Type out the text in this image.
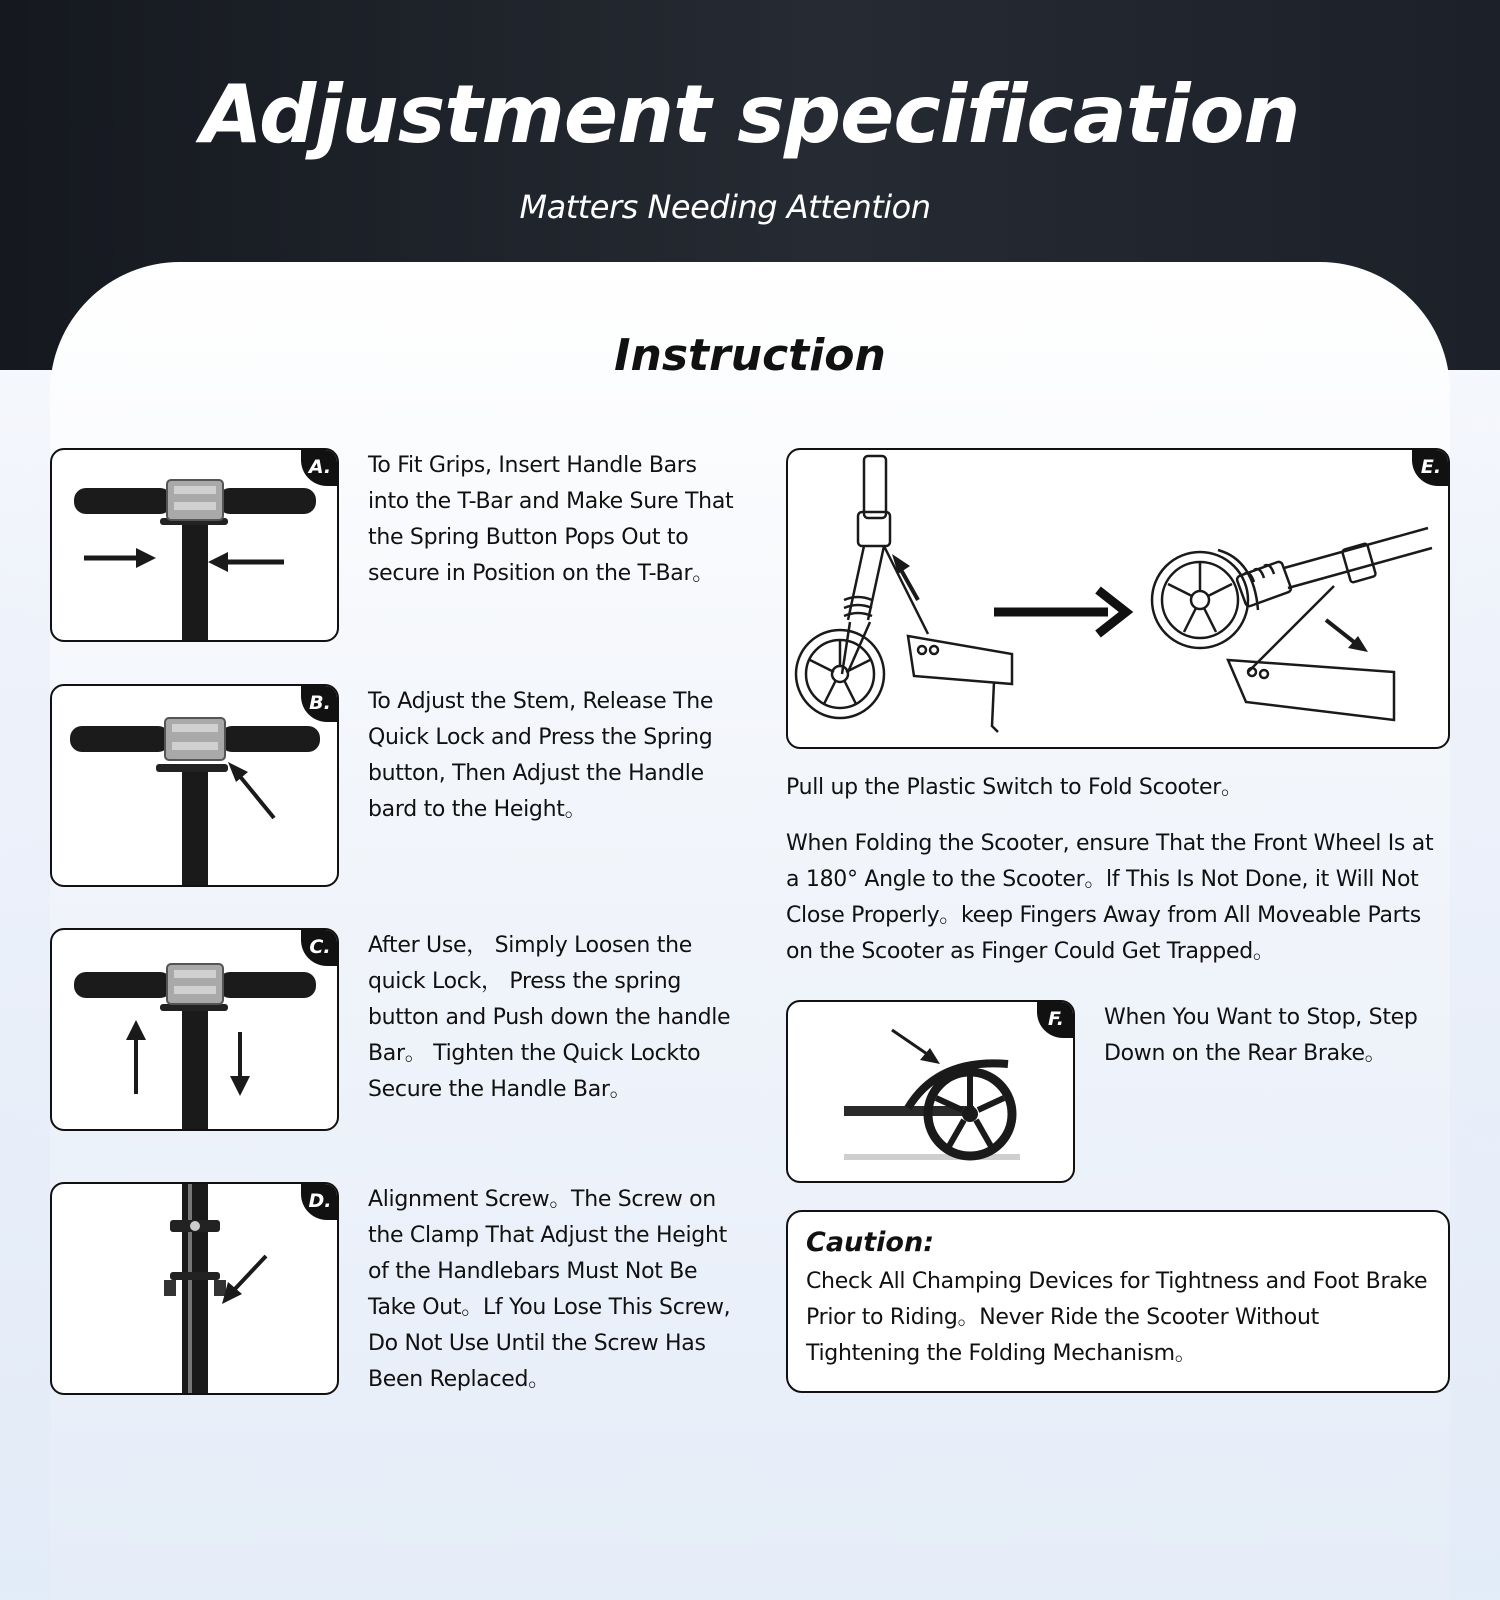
Adjustment specification
Matters Needing Attention
Instruction
A.	To Fit Grips, Insert Handle Bars into the T-Bar and Make Sure That the Spring Button Pops Out to secure in Position on the T-Bar。
B.	To Adjust the Stem, Release The Quick Lock and Press the Spring button, Then Adjust the Handle bard to the Height。
C.	After Use， Simply Loosen the quick Lock， Press the spring button and Push down the handle Bar。 Tighten the Quick Lockto Secure the Handle Bar。
D.	Alignment Screw。The Screw on the Clamp That Adjust the Height of the Handlebars Must Not Be Take Out。Lf You Lose This Screw, Do Not Use Until the Screw Has Been Replaced。
E.
Pull up the Plastic Switch to Fold Scooter。
When Folding the Scooter, ensure That the Front Wheel Is at a 180° Angle to the Scooter。lf This Is Not Done, it Will Not Close Properly。keep Fingers Away from All Moveable Parts on the Scooter as Finger Could Get Trapped。
F.	When You Want to Stop, Step Down on the Rear Brake。
Caution:
Check All Champing Devices for Tightness and Foot Brake Prior to Riding。Never Ride the Scooter Without Tightening the Folding Mechanism。
